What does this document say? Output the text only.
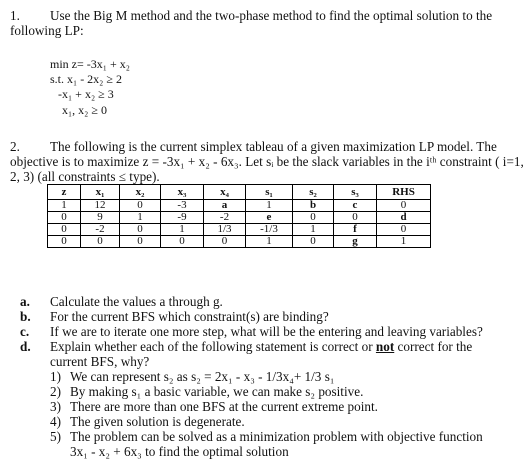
1. Use the Big M method and the two-phase method to find the optimal solution to the
following LP:
min z= -3x₁ + x₂
s.t. x₁ - 2x₂ ≥ 2
-x₁ + x₂ ≥ 3
x₁, x₂ ≥ 0
2. The following is the current simplex tableau of a given maximization LP model. The
objective is to maximize z = -3x₁ + x₂ - 6x₃. Let sᵢ be the slack variables in the iᵗʰ constraint ( i=1,
2, 3) (all constraints ≤ type).
z	x₁	x₂	x₃	x₄	s₁	s₂	s₃	RHS
1	12	0	-3	a	1	b	c	0
0	9	1	-9	-2	e	0	0	d
0	-2	0	1	1/3	-1/3	1	f	0
0	0	0	0	0	1	0	g	1
a. Calculate the values a through g.
b. For the current BFS which constraint(s) are binding?
c. If we are to iterate one more step, what will be the entering and leaving variables?
d. Explain whether each of the following statement is correct or not correct for the
current BFS, why?
1) We can represent s₂ as s₂ = 2x₁ - x₃ - 1/3x₄+ 1/3 s₁
2) By making s₁ a basic variable, we can make s₂ positive.
3) There are more than one BFS at the current extreme point.
4) The given solution is degenerate.
5) The problem can be solved as a minimization problem with objective function
3x₁ - x₂ + 6x₃ to find the optimal solution
